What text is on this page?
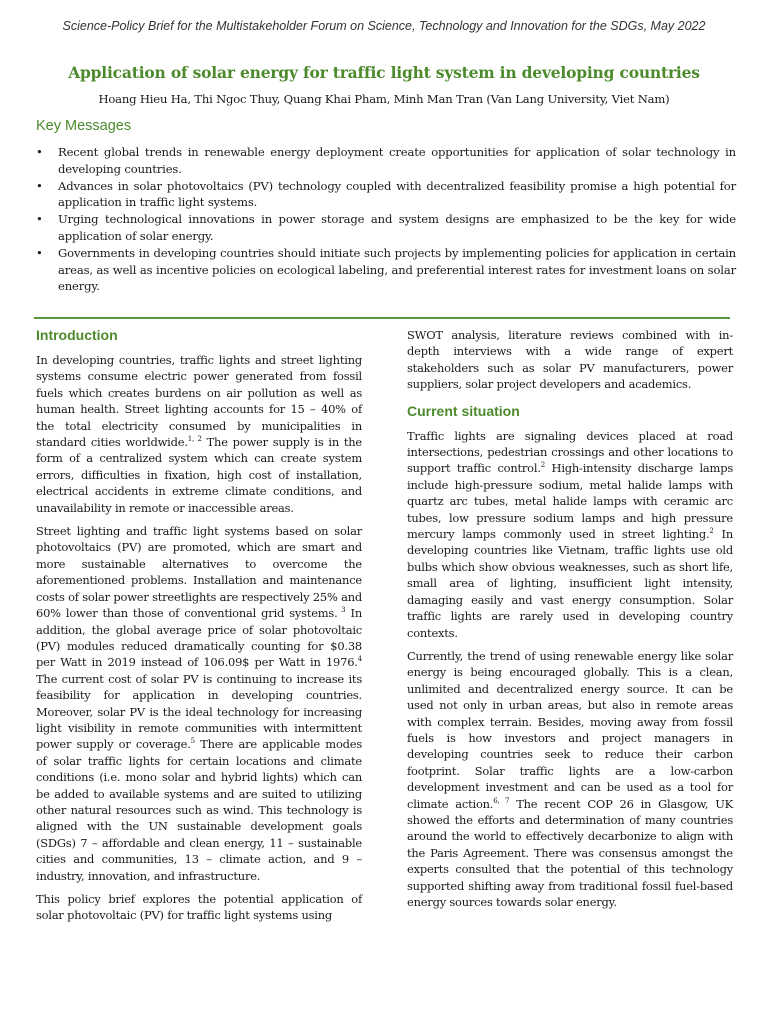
Science-Policy Brief for the Multistakeholder Forum on Science, Technology and Innovation for the SDGs, May 2022
Application of solar energy for traffic light system in developing countries
Hoang Hieu Ha, Thi Ngoc Thuy, Quang Khai Pham, Minh Man Tran (Van Lang University, Viet Nam)
Key Messages
• Recent global trends in renewable energy deployment create opportunities for application of solar technology in developing countries.
• Advances in solar photovoltaics (PV) technology coupled with decentralized feasibility promise a high potential for application in traffic light systems.
• Urging technological innovations in power storage and system designs are emphasized to be the key for wide application of solar energy.
• Governments in developing countries should initiate such projects by implementing policies for application in certain areas, as well as incentive policies on ecological labeling, and preferential interest rates for investment loans on solar energy.
Introduction

In developing countries, traffic lights and street lighting systems consume electric power generated from fossil fuels which creates burdens on air pollution as well as human health. Street lighting accounts for 15 – 40% of the total electricity consumed by municipalities in standard cities worldwide.$^{1, 2}$ The power supply is in the form of a centralized system which can create system errors, difficulties in fixation, high cost of installation, electrical accidents in extreme climate conditions, and unavailability in remote or inaccessible areas.

Street lighting and traffic light systems based on solar photovoltaics (PV) are promoted, which are smart and more sustainable alternatives to overcome the aforementioned problems. Installation and maintenance costs of solar power streetlights are respectively 25% and 60% lower than those of conventional grid systems. $^3$ In addition, the global average price of solar photovoltaic (PV) modules reduced dramatically counting for $0.38 per Watt in 2019 instead of 106.09$ per Watt in 1976.$^4$ The current cost of solar PV is continuing to increase its feasibility for application in developing countries. Moreover, solar PV is the ideal technology for increasing light visibility in remote communities with intermittent power supply or coverage.$^5$ There are applicable modes of solar traffic lights for certain locations and climate conditions (i.e. mono solar and hybrid lights) which can be added to available systems and are suited to utilizing other natural resources such as wind. This technology is aligned with the UN sustainable development goals (SDGs) 7 – affordable and clean energy, 11 – sustainable cities and communities, 13 – climate action, and 9 – industry, innovation, and infrastructure.

This policy brief explores the potential application of solar photovoltaic (PV) for traffic light systems using

SWOT analysis, literature reviews combined with in-depth interviews with a wide range of expert stakeholders such as solar PV manufacturers, power suppliers, solar project developers and academics.

Current situation

Traffic lights are signaling devices placed at road intersections, pedestrian crossings and other locations to support traffic control.$^2$ High-intensity discharge lamps include high-pressure sodium, metal halide lamps with quartz arc tubes, metal halide lamps with ceramic arc tubes, low pressure sodium lamps and high pressure mercury lamps commonly used in street lighting.$^2$ In developing countries like Vietnam, traffic lights use old bulbs which show obvious weaknesses, such as short life, small area of lighting, insufficient light intensity, damaging easily and vast energy consumption. Solar traffic lights are rarely used in developing country contexts.

Currently, the trend of using renewable energy like solar energy is being encouraged globally. This is a clean, unlimited and decentralized energy source. It can be used not only in urban areas, but also in remote areas with complex terrain. Besides, moving away from fossil fuels is how investors and project managers in developing countries seek to reduce their carbon footprint. Solar traffic lights are a low-carbon development investment and can be used as a tool for climate action.$^{6, 7}$ The recent COP 26 in Glasgow, UK showed the efforts and determination of many countries around the world to effectively decarbonize to align with the Paris Agreement. There was consensus amongst the experts consulted that the potential of this technology supported shifting away from traditional fossil fuel-based energy sources towards solar energy.
